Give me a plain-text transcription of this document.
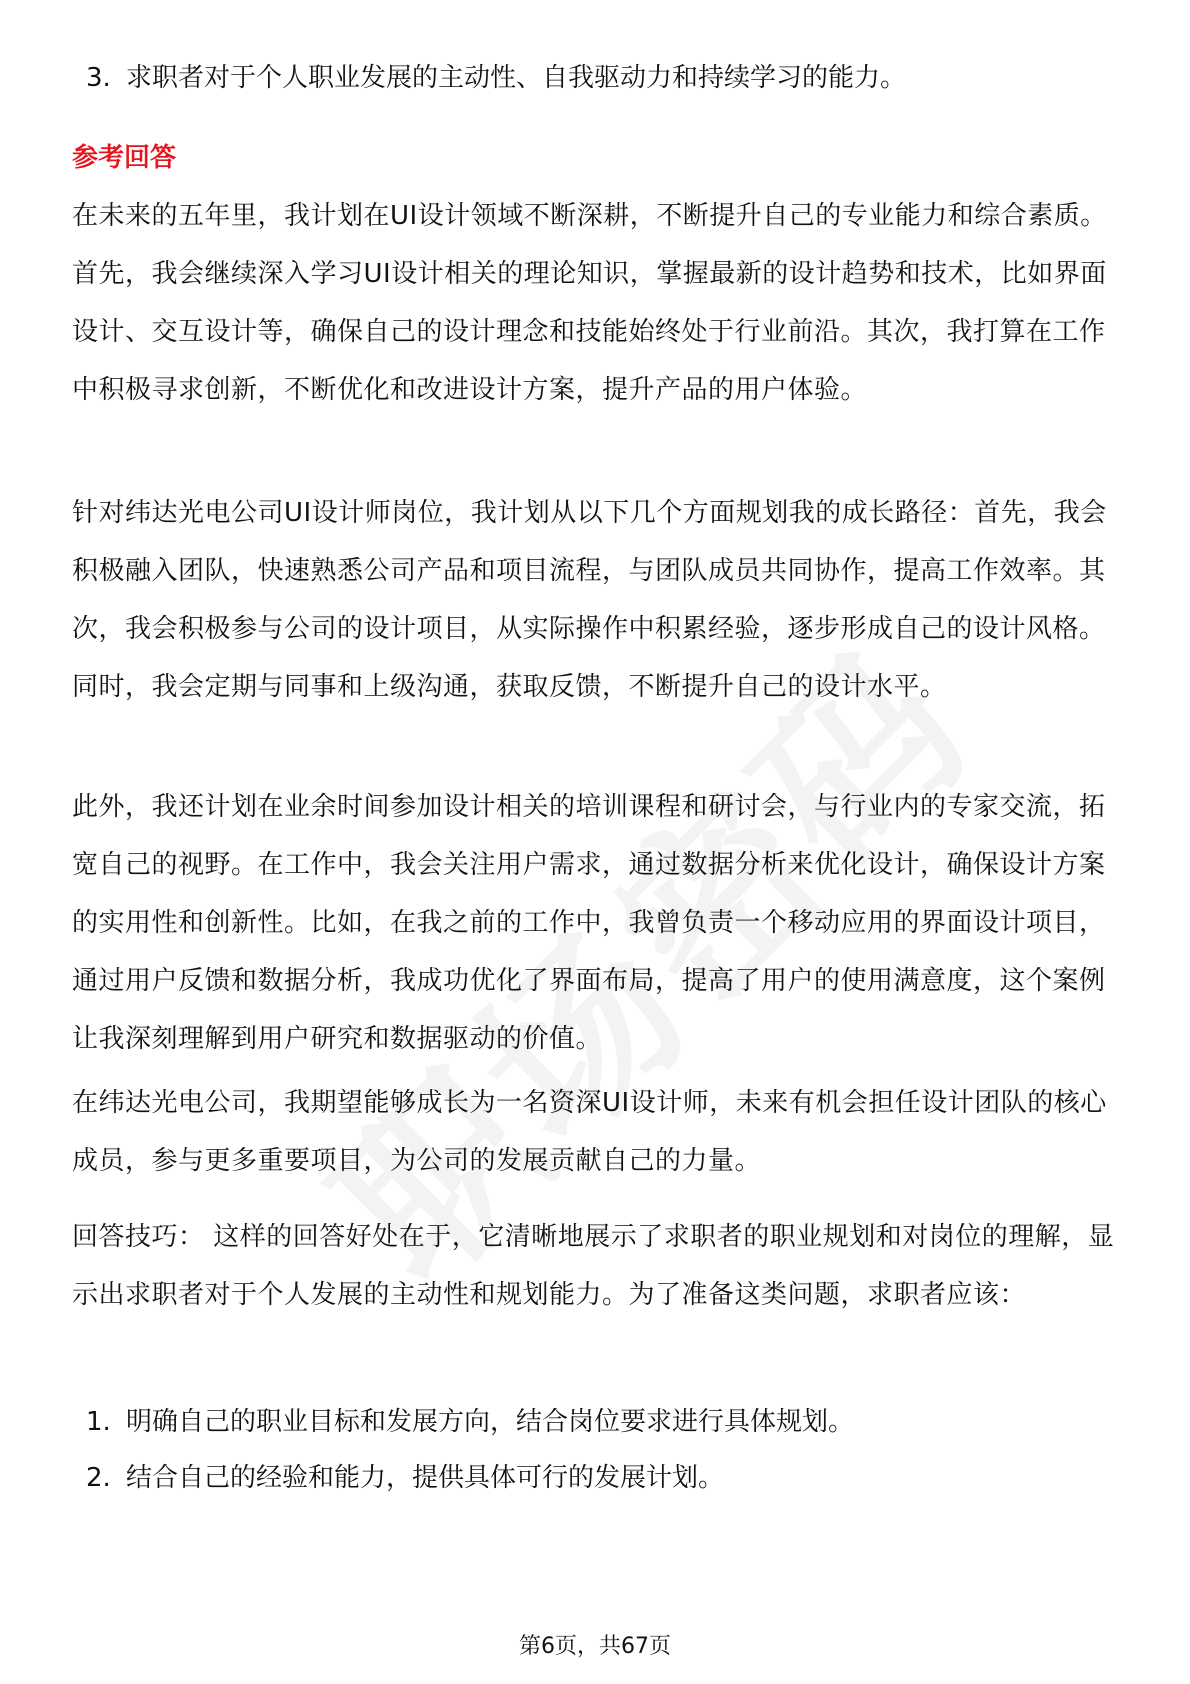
3. 求职者对于个人职业发展的主动性、自我驱动力和持续学习的能力。
参考回答
在未来的五年里，我计划在UI设计领域不断深耕，不断提升自己的专业能力和综合素质。首先，我会继续深入学习UI设计相关的理论知识，掌握最新的设计趋势和技术，比如界面设计、交互设计等，确保自己的设计理念和技能始终处于行业前沿。其次，我打算在工作中积极寻求创新，不断优化和改进设计方案，提升产品的用户体验。
针对纬达光电公司UI设计师岗位，我计划从以下几个方面规划我的成长路径：首先，我会积极融入团队，快速熟悉公司产品和项目流程，与团队成员共同协作，提高工作效率。其次，我会积极参与公司的设计项目，从实际操作中积累经验，逐步形成自己的设计风格。同时，我会定期与同事和上级沟通，获取反馈，不断提升自己的设计水平。
此外，我还计划在业余时间参加设计相关的培训课程和研讨会，与行业内的专家交流，拓宽自己的视野。在工作中，我会关注用户需求，通过数据分析来优化设计，确保设计方案的实用性和创新性。比如，在我之前的工作中，我曾负责一个移动应用的界面设计项目，通过用户反馈和数据分析，我成功优化了界面布局，提高了用户的使用满意度，这个案例让我深刻理解到用户研究和数据驱动的价值。
在纬达光电公司，我期望能够成长为一名资深UI设计师，未来有机会担任设计团队的核心成员，参与更多重要项目，为公司的发展贡献自己的力量。
回答技巧： 这样的回答好处在于，它清晰地展示了求职者的职业规划和对岗位的理解，显示出求职者对于个人发展的主动性和规划能力。为了准备这类问题，求职者应该：
1. 明确自己的职业目标和发展方向，结合岗位要求进行具体规划。
2. 结合自己的经验和能力，提供具体可行的发展计划。
第6页，共67页
